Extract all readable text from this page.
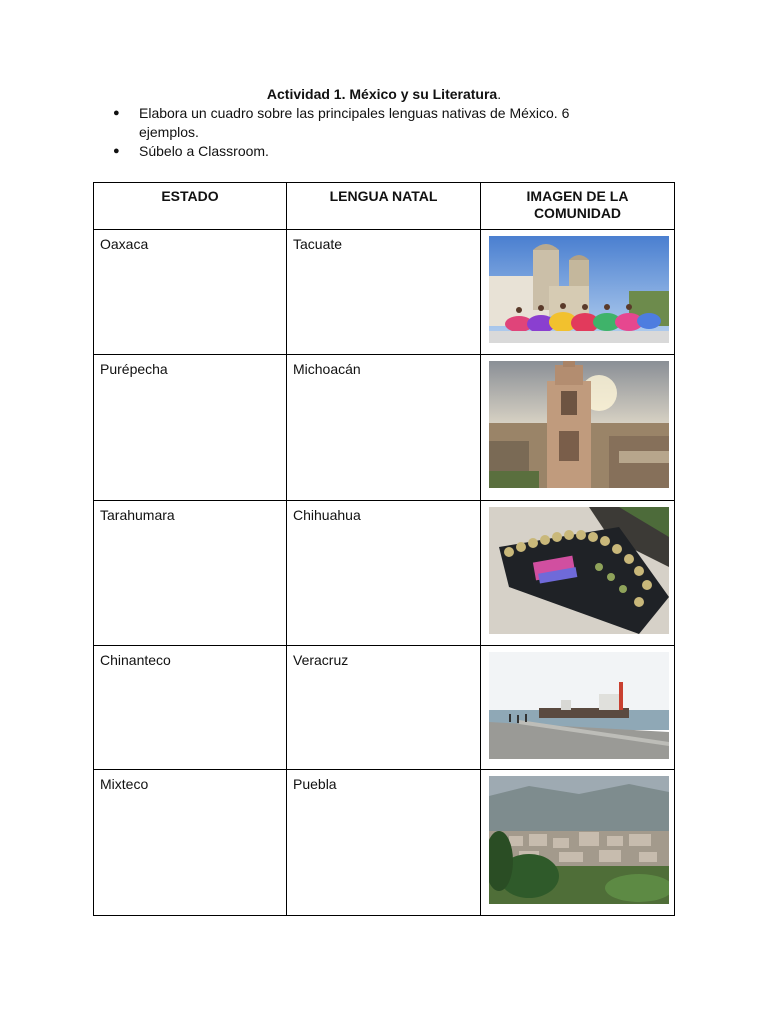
Actividad 1. México y su Literatura.
●	Elabora un cuadro sobre las principales lenguas nativas de México. 6 ejemplos.
●	Súbelo a Classroom.
ESTADO	LENGUA NATAL	IMAGEN DE LA COMUNIDAD
Oaxaca	Tacuate	

Purépecha	Michoacán	

Tarahumara	Chihuahua	

Chinanteco	Veracruz	

Mixteco	Puebla	
